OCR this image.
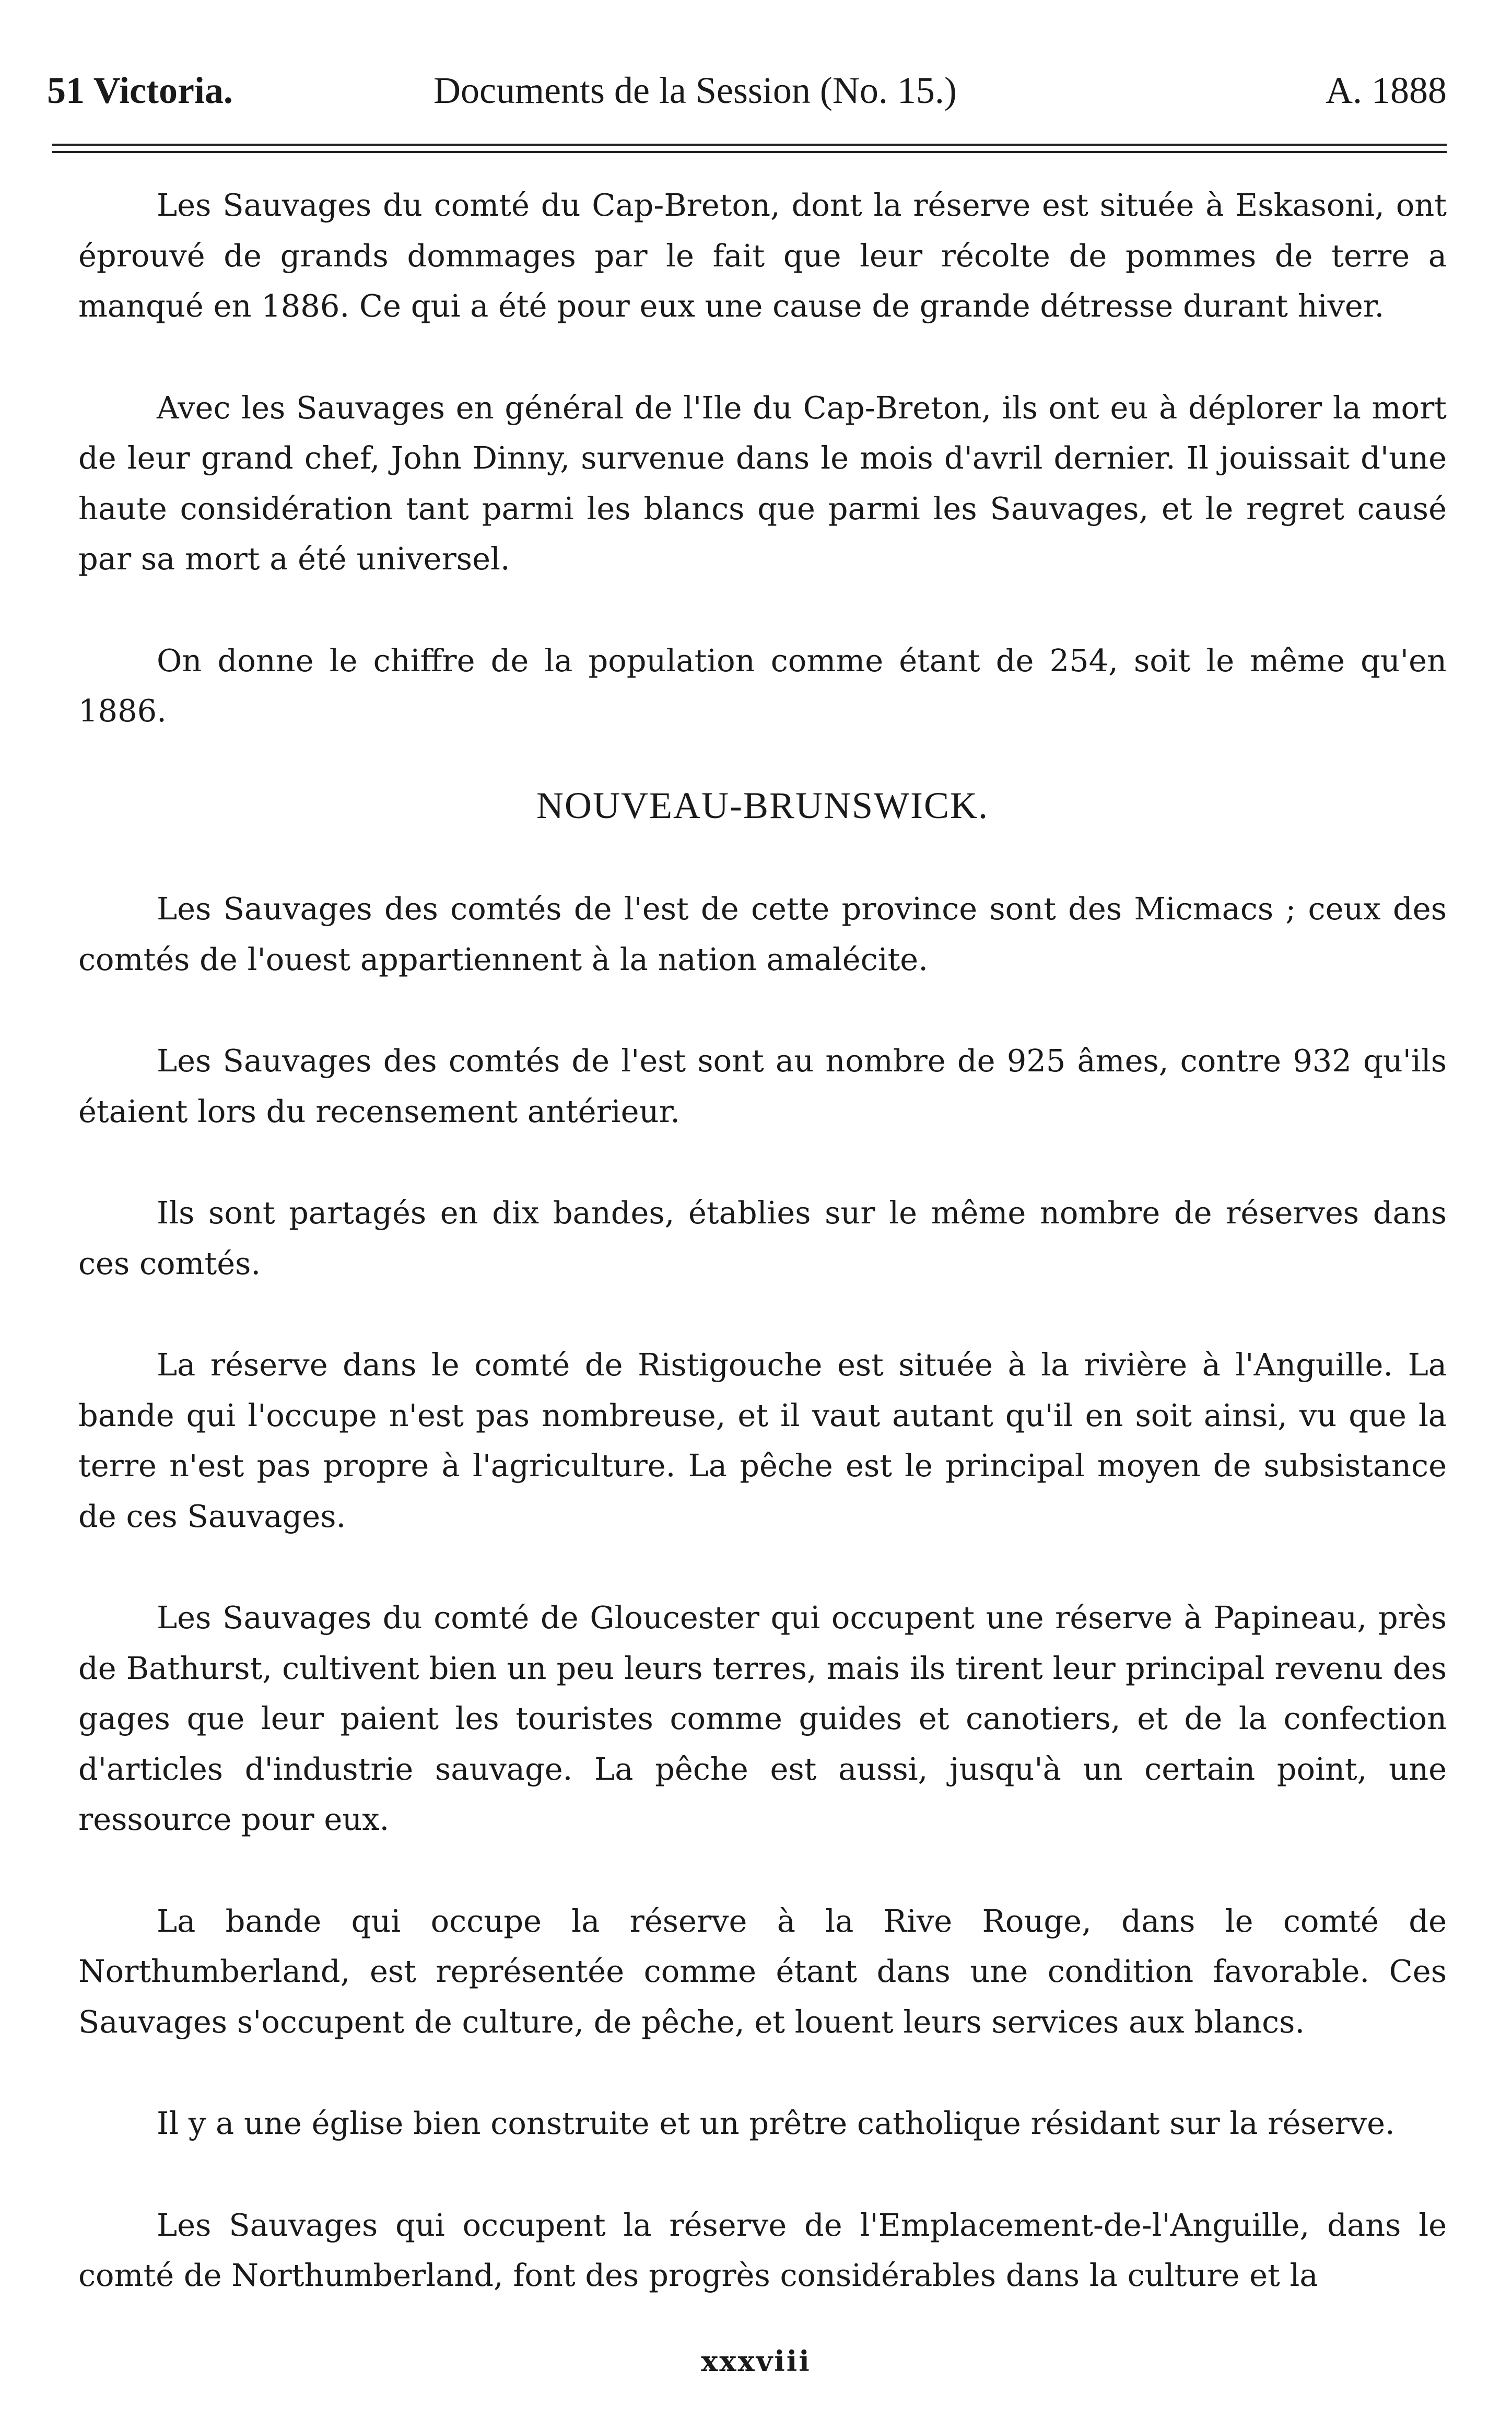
51 Victoria.	Documents de la Session (No. 15.)	A. 1888

Les Sauvages du comté du Cap-Breton, dont la réserve est située à Eskasoni, ont éprouvé de grands dommages par le fait que leur récolte de pommes de terre a manqué en 1886. Ce qui a été pour eux une cause de grande détresse durant hiver.

Avec les Sauvages en général de l'Ile du Cap-Breton, ils ont eu à déplorer la mort de leur grand chef, John Dinny, survenue dans le mois d'avril dernier. Il jouissait d'une haute considération tant parmi les blancs que parmi les Sauvages, et le regret causé par sa mort a été universel.

On donne le chiffre de la population comme étant de 254, soit le même qu'en 1886.

NOUVEAU-BRUNSWICK.

Les Sauvages des comtés de l'est de cette province sont des Micmacs ; ceux des comtés de l'ouest appartiennent à la nation amalécite.

Les Sauvages des comtés de l'est sont au nombre de 925 âmes, contre 932 qu'ils étaient lors du recensement antérieur.

Ils sont partagés en dix bandes, établies sur le même nombre de réserves dans ces comtés.

La réserve dans le comté de Ristigouche est située à la rivière à l'Anguille. La bande qui l'occupe n'est pas nombreuse, et il vaut autant qu'il en soit ainsi, vu que la terre n'est pas propre à l'agriculture. La pêche est le principal moyen de subsistance de ces Sauvages.

Les Sauvages du comté de Gloucester qui occupent une réserve à Papineau, près de Bathurst, cultivent bien un peu leurs terres, mais ils tirent leur principal revenu des gages que leur paient les touristes comme guides et canotiers, et de la confection d'articles d'industrie sauvage. La pêche est aussi, jusqu'à un certain point, une ressource pour eux.

La bande qui occupe la réserve à la Rive Rouge, dans le comté de Northumberland, est représentée comme étant dans une condition favorable. Ces Sauvages s'occupent de culture, de pêche, et louent leurs services aux blancs.

Il y a une église bien construite et un prêtre catholique résidant sur la réserve.

Les Sauvages qui occupent la réserve de l'Emplacement-de-l'Anguille, dans le comté de Northumberland, font des progrès considérables dans la culture et la

xxxviii
